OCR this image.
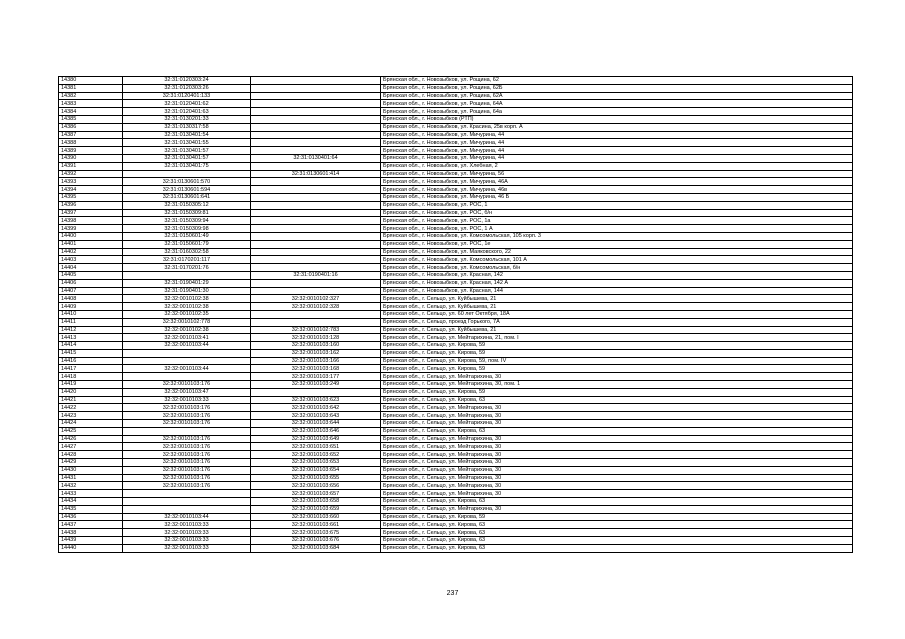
14380	32:31:0120303:24		Брянская обл., г. Новозыбков, ул. Рощина, 62
14381	32:31:0120303:26		Брянская обл., г. Новозыбков, ул. Рощина, 62Б
14382	32:31:0120401:133		Брянская обл., г. Новозыбков, ул. Рощина, 62А
14383	32:31:0120401:62		Брянская обл., г. Новозыбков, ул. Рощина, 64А
14384	32:31:0120401:63		Брянская обл., г. Новозыбков, ул. Рощина, 64а
14385	32:31:0130201:33		Брянская обл., г. Новозыбков (РТП)
14386	32:31:0130317:58		Брянская обл., г. Новозыбков, ул. Красина, 25в корп. А
14387	32:31:0130401:54		Брянская обл., г. Новозыбков, ул. Мичурина, 44
14388	32:31:0130401:55		Брянская обл., г. Новозыбков, ул. Мичурина, 44
14389	32:31:0130401:57		Брянская обл., г. Новозыбков, ул. Мичурина, 44
14390	32:31:0130401:57	32:31:0130401:64	Брянская обл., г. Новозыбков, ул. Мичурина, 44
14391	32:31:0130401:75		Брянская обл., г. Новозыбков, ул. Хлебная, 2
14392		32:31:0130601:414	Брянская обл., г. Новозыбков, ул. Мичурина, 56
14393	32:31:0130601:570		Брянская обл., г. Новозыбков, ул. Мичурина, 46А
14394	32:31:0130601:594		Брянская обл., г. Новозыбков, ул. Мичурина, 46в
14395	32:31:0130601:641		Брянская обл., г. Новозыбков, ул. Мичурина, 46 Б
14396	32:31:0150305:12		Брянская обл., г. Новозыбков, ул. РОС, 1
14397	32:31:0150309:81		Брянская обл., г. Новозыбков, ул. РОС, б/н
14398	32:31:0150309:94		Брянская обл., г. Новозыбков, ул. РОС, 1а
14399	32:31:0150309:98		Брянская обл., г. Новозыбков, ул. РОС, 1 А
14400	32:31:0150601:49		Брянская обл., г. Новозыбков, ул. Комсомольская, 105 корп. 3
14401	32:31:0150601:79		Брянская обл., г. Новозыбков, ул. РОС, 1е
14402	32:31:0160302:58		Брянская обл., г. Новозыбков, ул. Маяковского, 22
14403	32:31:0170201:117		Брянская обл., г. Новозыбков, ул. Комсомольская, 101 А
14404	32:31:0170201:76		Брянская обл., г. Новозыбков, ул. Комсомольская, б/н
14405		32:31:0190401:16	Брянская обл., г. Новозыбков, ул. Красная, 142
14406	32:31:0190401:29		Брянская обл., г. Новозыбков, ул. Красная, 142 А
14407	32:31:0190401:30		Брянская обл., г. Новозыбков, ул. Красная, 144
14408	32:32:0010102:38	32:32:0010102:327	Брянская обл., г. Сельцо, ул. Куйбышева, 21
14409	32:32:0010102:38	32:32:0010102:328	Брянская обл., г. Сельцо, ул. Куйбышева, 21
14410	32:32:0010102:35		Брянская обл., г. Сельцо, ул. 60 лет Октября, 18А
14411	32:32:0010102:778		Брянская обл., г. Сельцо, проезд Горького, 7А
14412	32:32:0010102:38	32:32:0010102:783	Брянская обл., г. Сельцо, ул. Куйбышева, 21
14413	32:32:0010103:41	32:32:0010103:128	Брянская обл., г. Сельцо, ул. Мейтарихина, 21, пом. I
14414	32:32:0010103:44	32:32:0010103:160	Брянская обл., г. Сельцо, ул. Кирова, 59
14415		32:32:0010103:162	Брянская обл., г. Сельцо, ул. Кирова, 59
14416		32:32:0010103:166	Брянская обл., г. Сельцо, ул. Кирова, 59, пом. IV
14417	32:32:0010103:44	32:32:0010103:168	Брянская обл., г. Сельцо, ул. Кирова, 59
14418		32:32:0010103:177	Брянская обл., г. Сельцо, ул. Мейтарихина, 30
14419	32:32:0010103:176	32:32:0010103:249	Брянская обл., г. Сельцо, ул. Мейтарихина, 30, пом. 1
14420	32:32:0010103:47		Брянская обл., г. Сельцо, ул. Кирова, 59
14421	32:32:0010103:33	32:32:0010103:623	Брянская обл., г. Сельцо, ул. Кирова, 63
14422	32:32:0010103:176	32:32:0010103:642	Брянская обл., г. Сельцо, ул. Мейтарихина, 30
14423	32:32:0010103:176	32:32:0010103:643	Брянская обл., г. Сельцо, ул. Мейтарихина, 30
14424	32:32:0010103:176	32:32:0010103:644	Брянская обл., г. Сельцо, ул. Мейтарихина, 30
14425		32:32:0010103:646	Брянская обл., г. Сельцо, ул. Кирова, 63
14426	32:32:0010103:176	32:32:0010103:649	Брянская обл., г. Сельцо, ул. Мейтарихина, 30
14427	32:32:0010103:176	32:32:0010103:651	Брянская обл., г. Сельцо, ул. Мейтарихина, 30
14428	32:32:0010103:176	32:32:0010103:652	Брянская обл., г. Сельцо, ул. Мейтарихина, 30
14429	32:32:0010103:176	32:32:0010103:653	Брянская обл., г. Сельцо, ул. Мейтарихина, 30
14430	32:32:0010103:176	32:32:0010103:654	Брянская обл., г. Сельцо, ул. Мейтарихина, 30
14431	32:32:0010103:176	32:32:0010103:655	Брянская обл., г. Сельцо, ул. Мейтарихина, 30
14432	32:32:0010103:176	32:32:0010103:656	Брянская обл., г. Сельцо, ул. Мейтарихина, 30
14433		32:32:0010103:657	Брянская обл., г. Сельцо, ул. Мейтарихина, 30
14434		32:32:0010103:658	Брянская обл., г. Сельцо, ул. Кирова, 63
14435		32:32:0010103:659	Брянская обл., г. Сельцо, ул. Мейтарихина, 30
14436	32:32:0010103:44	32:32:0010103:660	Брянская обл., г. Сельцо, ул. Кирова, 59
14437	32:32:0010103:33	32:32:0010103:661	Брянская обл., г. Сельцо, ул. Кирова, 63
14438	32:32:0010103:33	32:32:0010103:675	Брянская обл., г. Сельцо, ул. Кирова, 63
14439	32:32:0010103:33	32:32:0010103:676	Брянская обл., г. Сельцо, ул. Кирова, 63
14440	32:32:0010103:33	32:32:0010103:684	Брянская обл., г. Сельцо, ул. Кирова, 63
237
